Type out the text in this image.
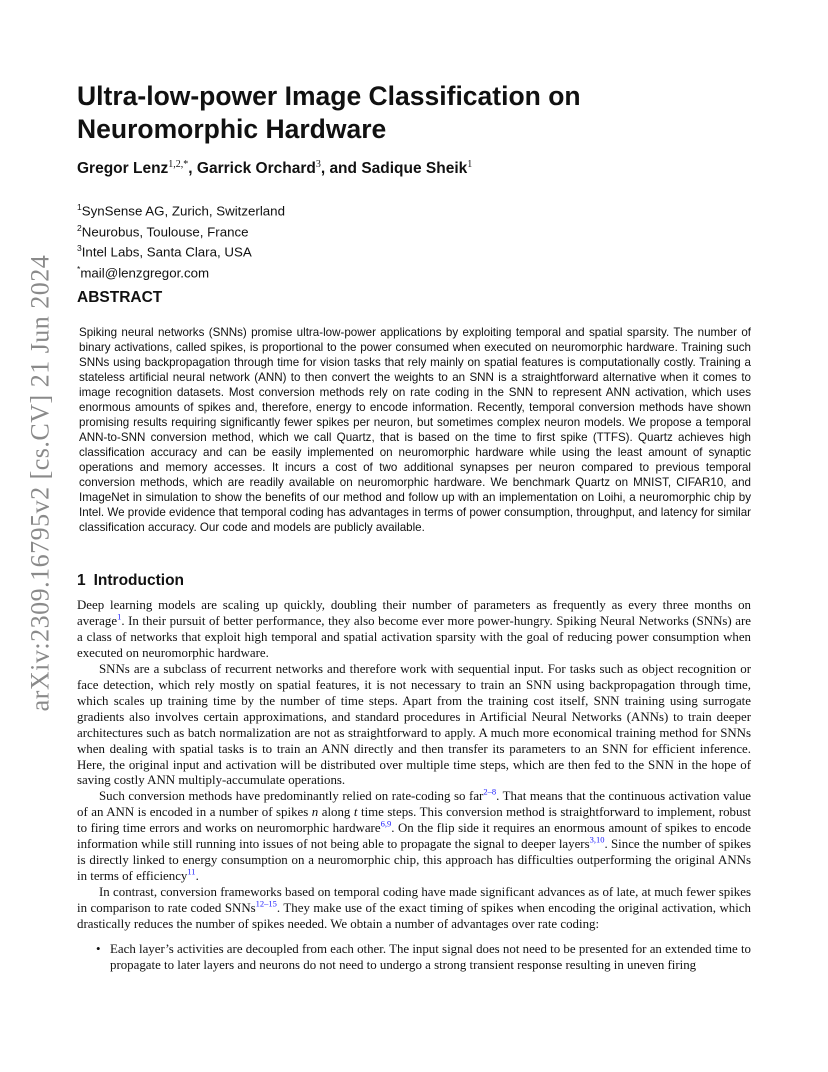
arXiv:2309.16795v2 [cs.CV] 21 Jun 2024
Ultra-low-power Image Classification on Neuromorphic Hardware

Gregor Lenz$^{1,2,*}$, Garrick Orchard$^3$, and Sadique Sheik$^1$

$^1$SynSense AG, Zurich, Switzerland
$^2$Neurobus, Toulouse, France
$^3$Intel Labs, Santa Clara, USA
*mail@lenzgregor.com
ABSTRACT

Spiking neural networks (SNNs) promise ultra-low-power applications by exploiting temporal and spatial sparsity. The number of binary activations, called spikes, is proportional to the power consumed when executed on neuromorphic hardware. Training such SNNs using backpropagation through time for vision tasks that rely mainly on spatial features is computationally costly. Training a stateless artificial neural network (ANN) to then convert the weights to an SNN is a straightforward alternative when it comes to image recognition datasets. Most conversion methods rely on rate coding in the SNN to represent ANN activation, which uses enormous amounts of spikes and, therefore, energy to encode information. Recently, temporal conversion methods have shown promising results requiring significantly fewer spikes per neuron, but sometimes complex neuron models. We propose a temporal ANN-to-SNN conversion method, which we call Quartz, that is based on the time to first spike (TTFS). Quartz achieves high classification accuracy and can be easily implemented on neuromorphic hardware while using the least amount of synaptic operations and memory accesses. It incurs a cost of two additional synapses per neuron compared to previous temporal conversion methods, which are readily available on neuromorphic hardware. We benchmark Quartz on MNIST, CIFAR10, and ImageNet in simulation to show the benefits of our method and follow up with an implementation on Loihi, a neuromorphic chip by Intel. We provide evidence that temporal coding has advantages in terms of power consumption, throughput, and latency for similar classification accuracy. Our code and models are publicly available.

1 Introduction

Deep learning models are scaling up quickly, doubling their number of parameters as frequently as every three months on average$^1$. In their pursuit of better performance, they also become ever more power-hungry. Spiking Neural Networks (SNNs) are a class of networks that exploit high temporal and spatial activation sparsity with the goal of reducing power consumption when executed on neuromorphic hardware.

SNNs are a subclass of recurrent networks and therefore work with sequential input. For tasks such as object recognition or face detection, which rely mostly on spatial features, it is not necessary to train an SNN using backpropagation through time, which scales up training time by the number of time steps. Apart from the training cost itself, SNN training using surrogate gradients also involves certain approximations, and standard procedures in Artificial Neural Networks (ANNs) to train deeper architectures such as batch normalization are not as straightforward to apply. A much more economical training method for SNNs when dealing with spatial tasks is to train an ANN directly and then transfer its parameters to an SNN for efficient inference. Here, the original input and activation will be distributed over multiple time steps, which are then fed to the SNN in the hope of saving costly ANN multiply-accumulate operations.

Such conversion methods have predominantly relied on rate-coding so far$^{2-8}$. That means that the continuous activation value of an ANN is encoded in a number of spikes n along t time steps. This conversion method is straightforward to implement, robust to firing time errors and works on neuromorphic hardware$^{6,9}$. On the flip side it requires an enormous amount of spikes to encode information while still running into issues of not being able to propagate the signal to deeper layers$^{3,10}$. Since the number of spikes is directly linked to energy consumption on a neuromorphic chip, this approach has difficulties outperforming the original ANNs in terms of efficiency$^{11}$.

In contrast, conversion frameworks based on temporal coding have made significant advances as of late, at much fewer spikes in comparison to rate coded SNNs$^{12-15}$. They make use of the exact timing of spikes when encoding the original activation, which drastically reduces the number of spikes needed. We obtain a number of advantages over rate coding:

• Each layer’s activities are decoupled from each other. The input signal does not need to be presented for an extended time to propagate to later layers and neurons do not need to undergo a strong transient response resulting in uneven firing
